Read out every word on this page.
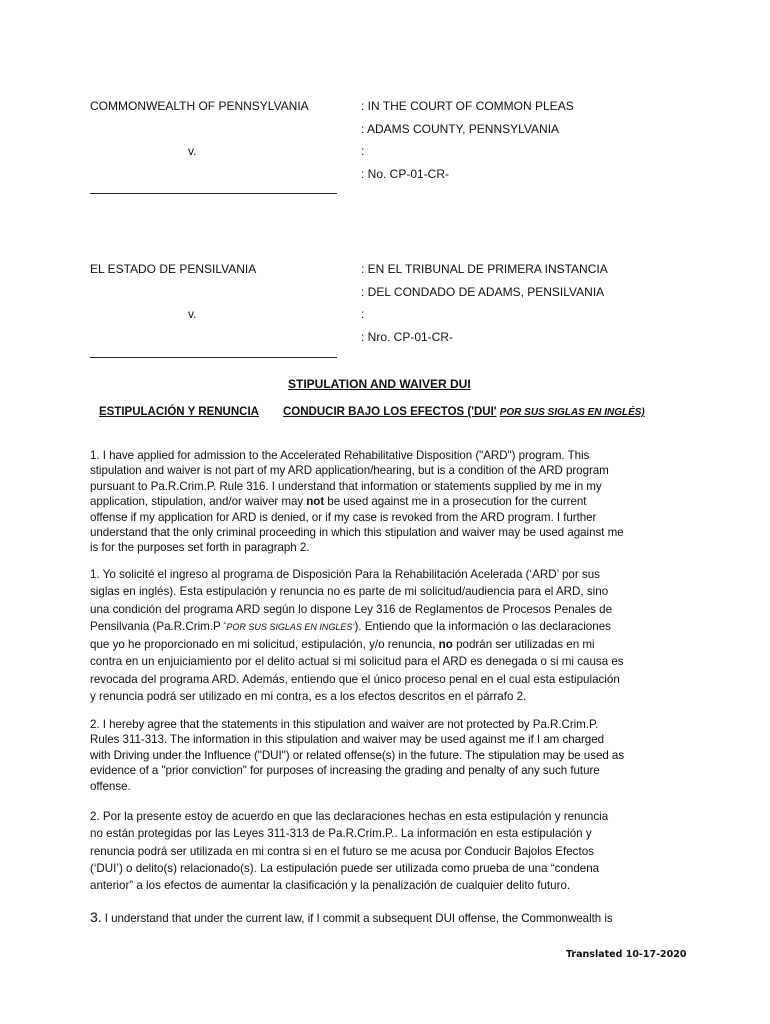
COMMONWEALTH OF PENNSYLVANIA
v.
: IN THE COURT OF COMMON PLEAS
: ADAMS COUNTY, PENNSYLVANIA
:
: No. CP-01-CR-
EL ESTADO DE PENSILVANIA
v.
: EN EL TRIBUNAL DE PRIMERA INSTANCIA
: DEL CONDADO DE ADAMS, PENSILVANIA
:
: Nro. CP-01-CR-
STIPULATION AND WAIVER DUI
ESTIPULACIÓN Y RENUNCIA CONDUCIR BAJO LOS EFECTOS ('DUI' POR SUS SIGLAS EN INGLÉS)
1. I have applied for admission to the Accelerated Rehabilitative Disposition ("ARD") program. This
stipulation and waiver is not part of my ARD application/hearing, but is a condition of the ARD program
pursuant to Pa.R.Crim.P. Rule 316. I understand that information or statements supplied by me in my
application, stipulation, and/or waiver may not be used against me in a prosecution for the current
offense if my application for ARD is denied, or if my case is revoked from the ARD program. I further
understand that the only criminal proceeding in which this stipulation and waiver may be used against me
is for the purposes set forth in paragraph 2.
1. Yo solicité el ingreso al programa de Disposición Para la Rehabilitación Acelerada (‘ARD’ por sus
siglas en inglés). Esta estipulación y renuncia no es parte de mi solicitud/audiencia para el ARD, sino
una condición del programa ARD según lo dispone Ley 316 de Reglamentos de Procesos Penales de
Pensilvania (Pa.R.Crim.P ‘POR SUS SIGLAS EN INGLES’). Entiendo que la información o las declaraciones
que yo he proporcionado en mi solicitud, estipulación, y/o renuncia, no podrán ser utilizadas en mi
contra en un enjuiciamiento por el delito actual si mi solicitud para el ARD es denegada o si mi causa es
revocada del programa ARD. Además, entiendo que el único proceso penal en el cual esta estipulación
y renuncia podrá ser utilizado en mi contra, es a los efectos descritos en el párrafo 2.
2. I hereby agree that the statements in this stipulation and waiver are not protected by Pa.R.Crim.P.
Rules 311-313. The information in this stipulation and waiver may be used against me if I am charged
with Driving under the Influence ("DUI") or related offense(s) in the future. The stipulation may be used as
evidence of a "prior conviction" for purposes of increasing the grading and penalty of any such future
offense.
2. Por la presente estoy de acuerdo en que las declaraciones hechas en esta estipulación y renuncia
no están protegidas por las Leyes 311-313 de Pa.R.Crim.P.. La información en esta estipulación y
renuncia podrá ser utilizada en mi contra si en el futuro se me acusa por Conducir Bajolos Efectos
(‘DUI’) o delito(s) relacionado(s). La estipulación puede ser utilizada como prueba de una “condena
anterior” a los efectos de aumentar la clasificación y la penalización de cualquier delito futuro.
3. I understand that under the current law, if I commit a subsequent DUI offense, the Commonwealth is
Translated 10-17-2020
